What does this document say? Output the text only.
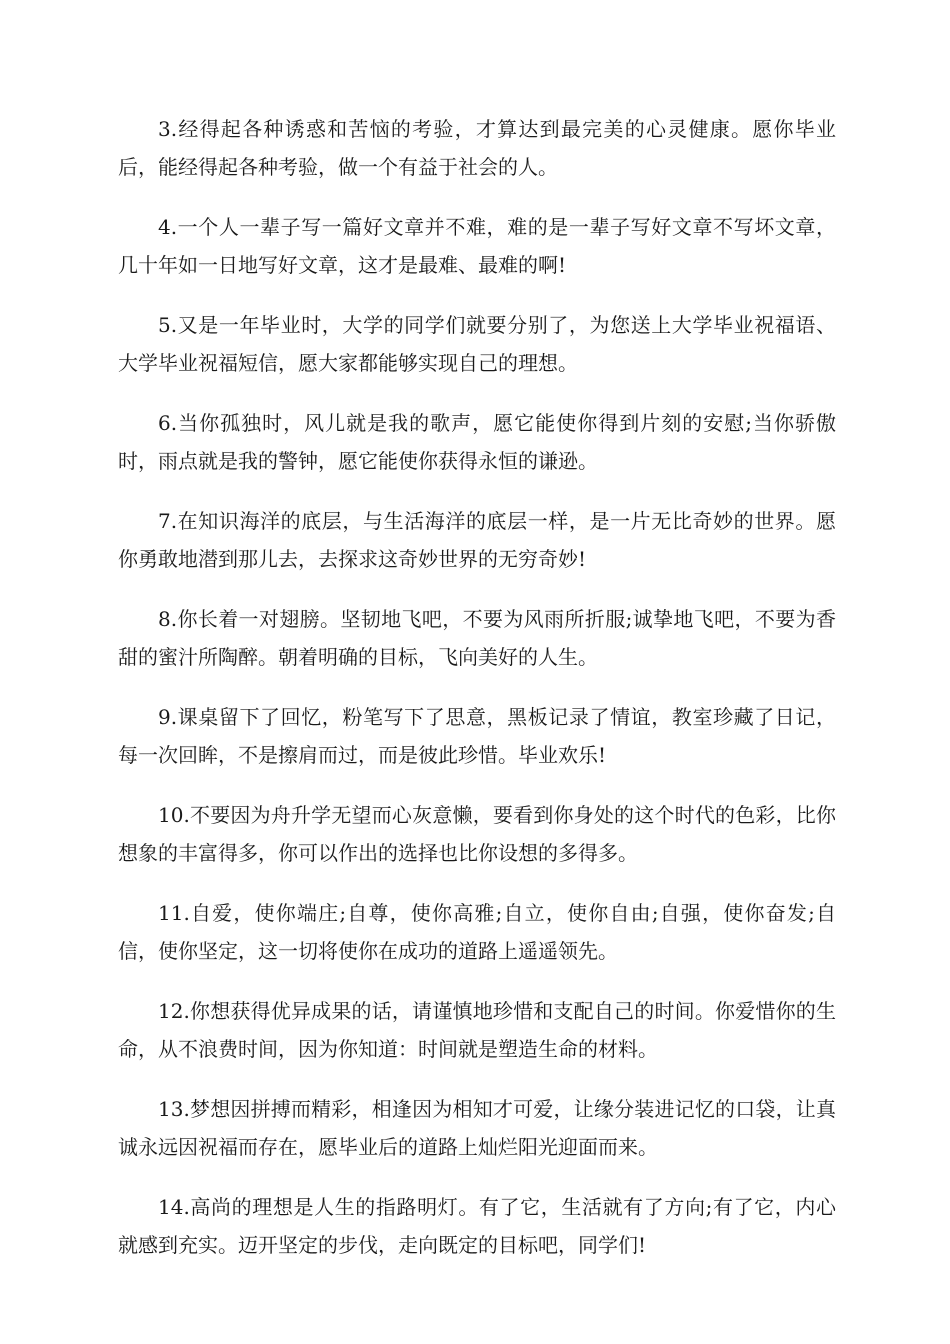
3.经得起各种诱惑和苦恼的考验，才算达到最完美的心灵健康。愿你毕业后，能经得起各种考验，做一个有益于社会的人。

4.一个人一辈子写一篇好文章并不难，难的是一辈子写好文章不写坏文章，几十年如一日地写好文章，这才是最难、最难的啊!

5.又是一年毕业时，大学的同学们就要分别了，为您送上大学毕业祝福语、大学毕业祝福短信，愿大家都能够实现自己的理想。

6.当你孤独时，风儿就是我的歌声，愿它能使你得到片刻的安慰;当你骄傲时，雨点就是我的警钟，愿它能使你获得永恒的谦逊。

7.在知识海洋的底层，与生活海洋的底层一样，是一片无比奇妙的世界。愿你勇敢地潜到那儿去，去探求这奇妙世界的无穷奇妙!

8.你长着一对翅膀。坚韧地飞吧，不要为风雨所折服;诚挚地飞吧，不要为香甜的蜜汁所陶醉。朝着明确的目标，飞向美好的人生。

9.课桌留下了回忆，粉笔写下了思意，黑板记录了情谊，教室珍藏了日记，每一次回眸，不是擦肩而过，而是彼此珍惜。毕业欢乐!

10.不要因为舟升学无望而心灰意懒，要看到你身处的这个时代的色彩，比你想象的丰富得多，你可以作出的选择也比你设想的多得多。

11.自爱，使你端庄;自尊，使你高雅;自立，使你自由;自强，使你奋发;自信，使你坚定，这一切将使你在成功的道路上遥遥领先。

12.你想获得优异成果的话，请谨慎地珍惜和支配自己的时间。你爱惜你的生命，从不浪费时间，因为你知道：时间就是塑造生命的材料。

13.梦想因拼搏而精彩，相逢因为相知才可爱，让缘分装进记忆的口袋，让真诚永远因祝福而存在，愿毕业后的道路上灿烂阳光迎面而来。

14.高尚的理想是人生的指路明灯。有了它，生活就有了方向;有了它，内心就感到充实。迈开坚定的步伐，走向既定的目标吧，同学们!
